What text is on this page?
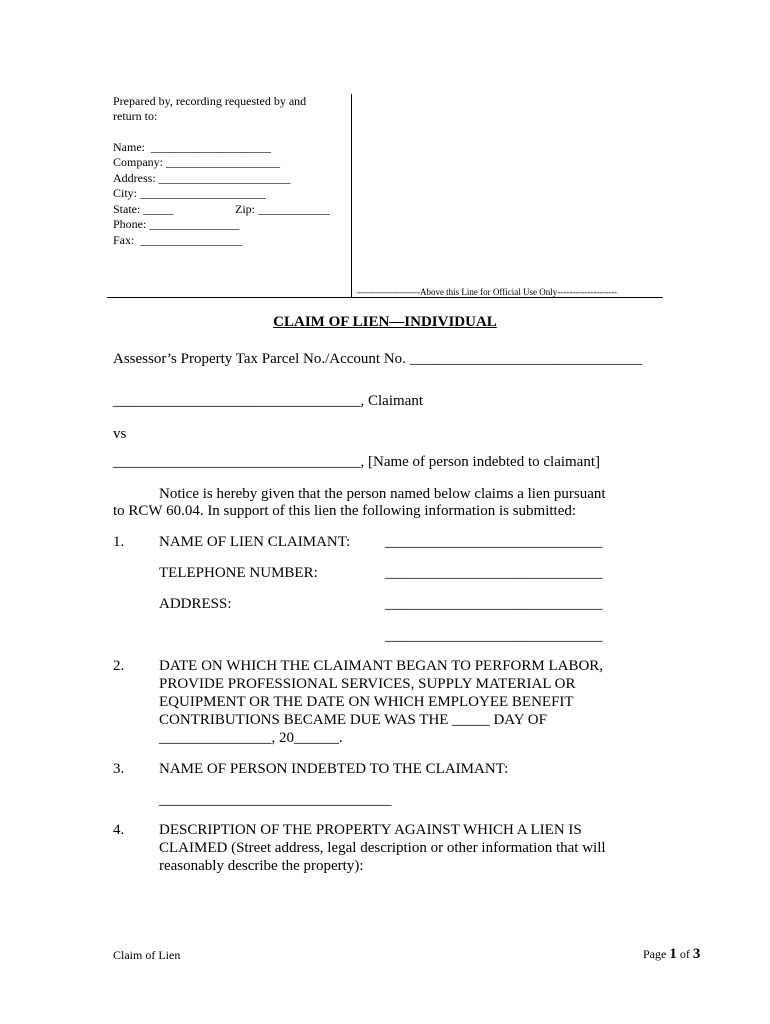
Prepared by, recording requested by and
return to:
Name:  ____________________
Company: ___________________
Address: ______________________
City: _____________________
State: _____	Zip: ____________
Phone: _______________
Fax:  _________________
---------------------Above this Line for Official Use Only--------------------
CLAIM OF LIEN—INDIVIDUAL
Assessor’s Property Tax Parcel No./Account No. _______________________________
_________________________________, Claimant
vs
_________________________________, [Name of person indebted to claimant]
Notice is hereby given that the person named below claims a lien pursuant
to RCW 60.04. In support of this lien the following information is submitted:
1. NAME OF LIEN CLAIMANT: _____________________________
TELEPHONE NUMBER:	_____________________________
ADDRESS:	_____________________________
_____________________________
2. DATE ON WHICH THE CLAIMANT BEGAN TO PERFORM LABOR,
PROVIDE PROFESSIONAL SERVICES, SUPPLY MATERIAL OR
EQUIPMENT OR THE DATE ON WHICH EMPLOYEE BENEFIT
CONTRIBUTIONS BECAME DUE WAS THE _____ DAY OF
_______________, 20______.
3. NAME OF PERSON INDEBTED TO THE CLAIMANT:
_______________________________
4. DESCRIPTION OF THE PROPERTY AGAINST WHICH A LIEN IS
CLAIMED (Street address, legal description or other information that will
reasonably describe the property):
Claim of Lien	Page 1 of 3
